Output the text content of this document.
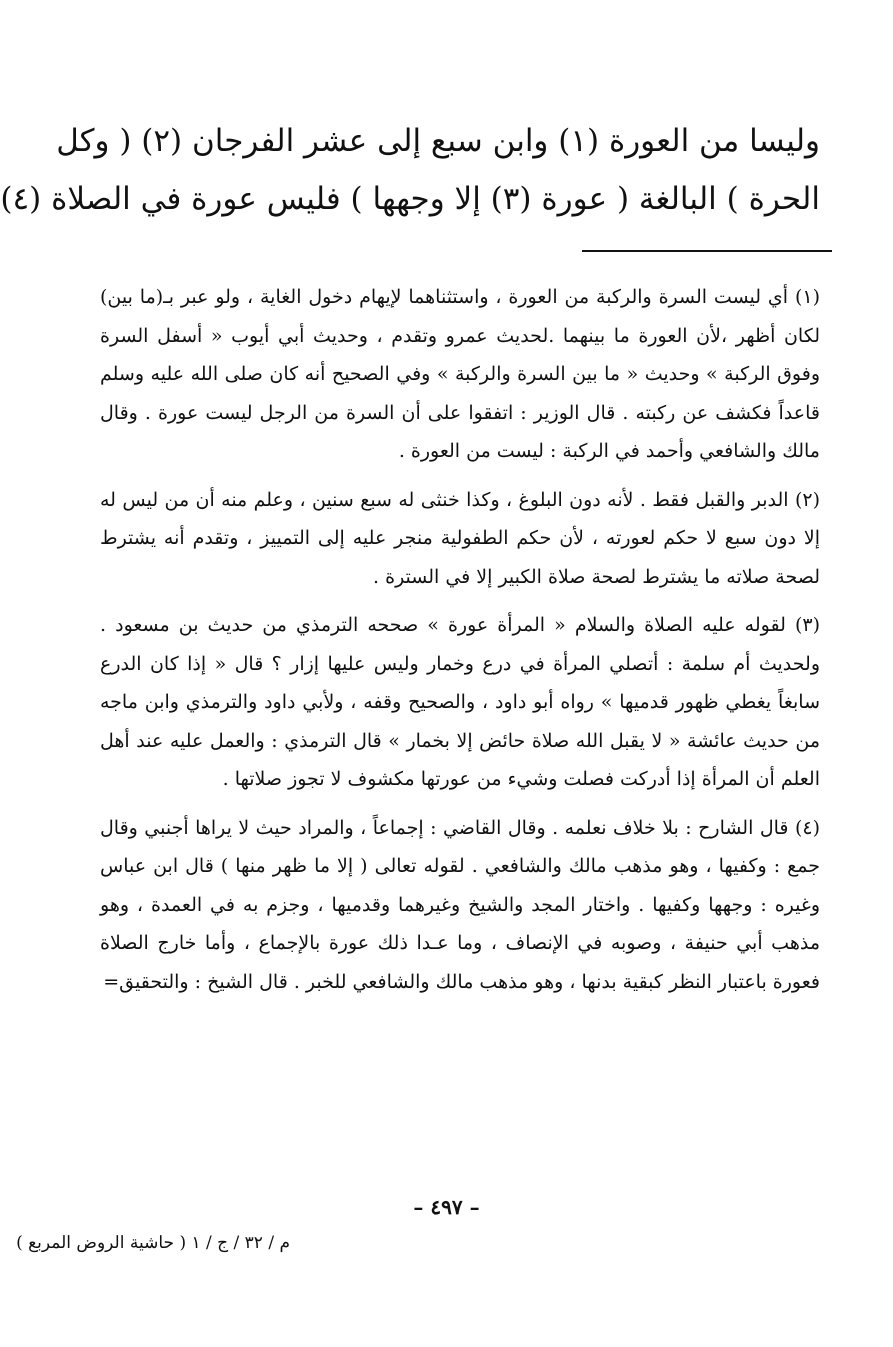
وليسا من العورة (١) وابن سبع إلى عشر الفرجان (٢) ( وكل
الحرة ) البالغة ( عورة (٣) إلا وجهها ) فليس عورة في الصلاة (٤)

(١) أي ليست السرة والركبة من العورة ، واستثناهما لإيهام دخول الغاية ، ولو عبر بـ(ما بين) لكان أظهر ،لأن العورة ما بينهما .لحديث عمرو وتقدم ، وحديث أبي أيوب « أسفل السرة وفوق الركبة » وحديث « ما بين السرة والركبة » وفي الصحيح أنه كان صلى الله عليه وسلم قاعداً فكشف عن ركبته . قال الوزير : اتفقوا على أن السرة من الرجل ليست عورة . وقال مالك والشافعي وأحمد في الركبة : ليست من العورة .

(٢) الدبر والقبل فقط . لأنه دون البلوغ ، وكذا خنثى له سبع سنين ، وعلم منه أن من ليس له إلا دون سبع لا حكم لعورته ، لأن حكم الطفولية منجر عليه إلى التمييز ، وتقدم أنه يشترط لصحة صلاته ما يشترط لصحة صلاة الكبير إلا في السترة .

(٣) لقوله عليه الصلاة والسلام « المرأة عورة » صححه الترمذي من حديث بن مسعود . ولحديث أم سلمة : أتصلي المرأة في درع وخمار وليس عليها إزار ؟ قال « إذا كان الدرع سابغاً يغطي ظهور قدميها » رواه أبو داود ، والصحيح وقفه ، ولأبي داود والترمذي وابن ماجه من حديث عائشة « لا يقبل الله صلاة حائض إلا بخمار » قال الترمذي : والعمل عليه عند أهل العلم أن المرأة إذا أدركت فصلت وشيء من عورتها مكشوف لا تجوز صلاتها .

(٤) قال الشارح : بلا خلاف نعلمه . وقال القاضي : إجماعاً ، والمراد حيث لا يراها أجنبي وقال جمع : وكفيها ، وهو مذهب مالك والشافعي . لقوله تعالى ( إلا ما ظهر منها ) قال ابن عباس وغيره : وجهها وكفيها . واختار المجد والشيخ وغيرهما وقدميها ، وجزم به في العمدة ، وهو مذهب أبي حنيفة ، وصوبه في الإنصاف ، وما عـدا ذلك عورة بالإجماع ، وأما خارج الصلاة فعورة باعتبار النظر كبقية بدنها ، وهو مذهب مالك والشافعي للخبر . قال الشيخ : والتحقيق=

– ٤٩٧ –
م / ٣٢ / ج / ١ ( حاشية الروض المربع )
